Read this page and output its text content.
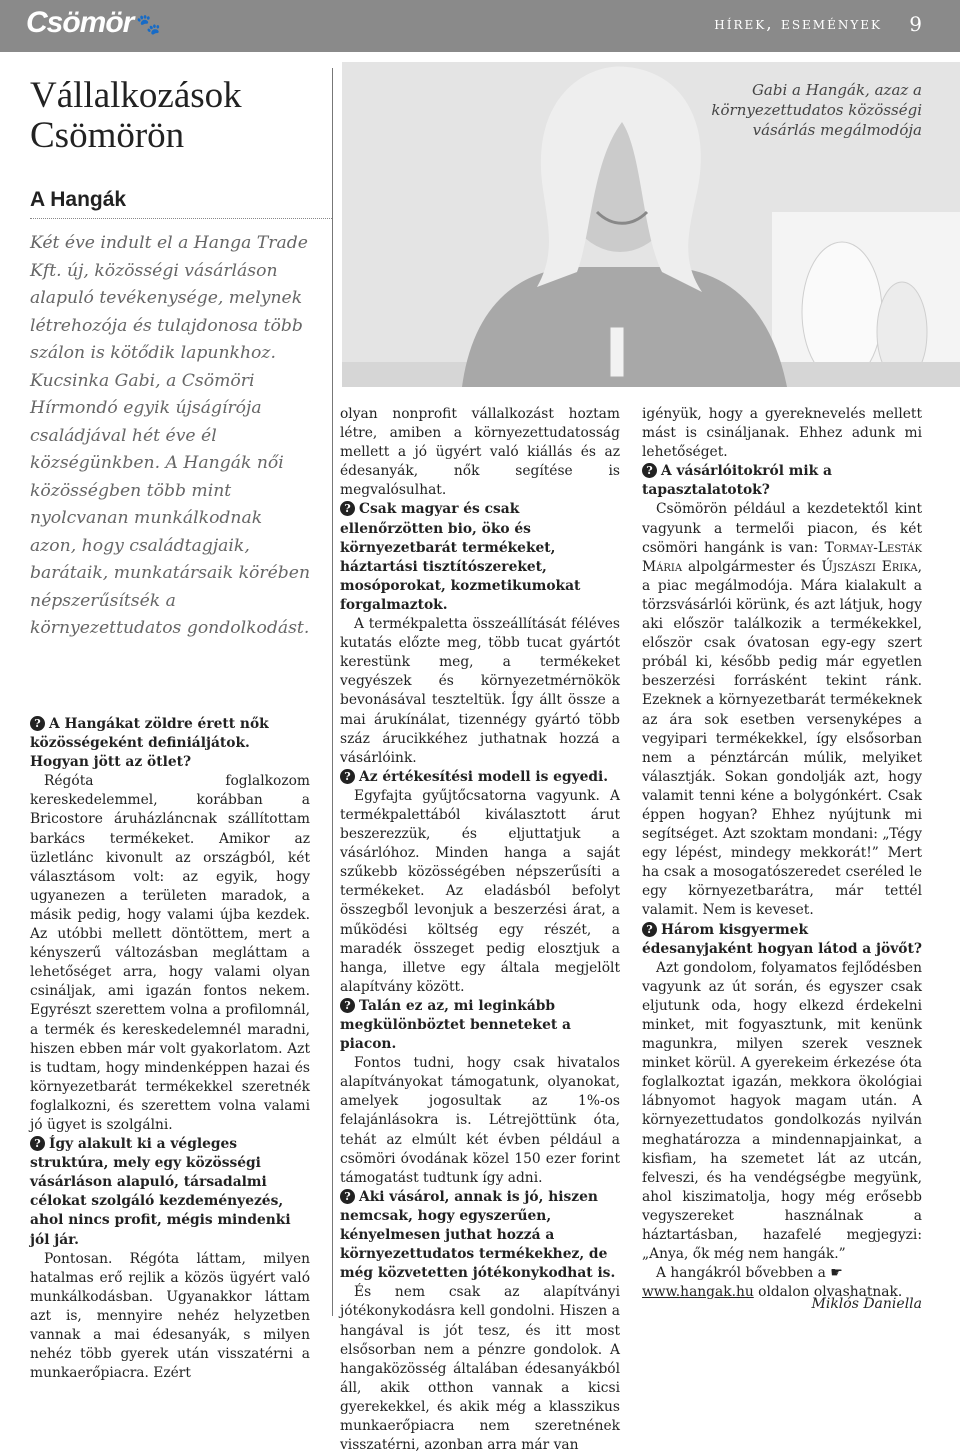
Csömör 🐾	hírek, események 9
Vállalkozások Csömörön
A Hangák
Két éve indult el a Hanga Trade Kft. új, közösségi vásárláson alapuló tevékenysége, melynek létrehozója és tulajdonosa több szálon is kötődik lapunkhoz. Kucsinka Gabi, a Csömöri Hírmondó egyik újságírója családjával hét éve él községünkben. A Hangák női közösségben több mint nyolcvanan munkálkodnak azon, hogy családtagjaik, barátaik, munkatársaik körében népszerűsítsék a környezettudatos gondolkodást.

? A Hangákat zöldre érett nők közösségeként definiáljátok. Hogyan jött az ötlet?

Régóta foglalkozom kereskedelemmel, korábban a Bricostore áruházláncnak szállítottam barkács termékeket. Amikor az üzletlánc kivonult az országból, két választásom volt: az egyik, hogy ugyanezen a területen maradok, a másik pedig, hogy valami újba kezdek. Az utóbbi mellett döntöttem, mert a kényszerű változásban megláttam a lehetőséget arra, hogy valami olyan csináljak, ami igazán fontos nekem. Egyrészt szerettem volna a profilomnál, a termék és kereskedelemnél maradni, hiszen ebben már volt gyakorlatom. Azt is tudtam, hogy mindenképpen hazai és környezetbarát termékekkel szeretnék foglalkozni, és szerettem volna valami jó ügyet is szolgálni.

? Így alakult ki a végleges struktúra, mely egy közösségi vásárláson alapuló, társadalmi célokat szolgáló kezdeményezés, ahol nincs profit, mégis mindenki jól jár.

Pontosan. Régóta láttam, milyen hatalmas erő rejlik a közös ügyért való munkálkodásban. Ugyanakkor láttam azt is, mennyire nehéz helyzetben vannak a mai édesanyák, s milyen nehéz több gyerek után visszatérni a munkaerőpiacra. Ezért

Gabi a Hangák, azaz a környezettudatos közösségi vásárlás megálmodója

olyan nonprofit vállalkozást hoztam létre, amiben a környezettudatosság mellett a jó ügyért való kiállás és az édesanyák, nők segítése is megvalósulhat.

? Csak magyar és csak ellenőrzötten bio, öko és környezetbarát termékeket, háztartási tisztítószereket, mosóporokat, kozmetikumokat forgalmaztok.

A termékpaletta összeállítását féléves kutatás előzte meg, több tucat gyártót kerestünk meg, a termékeket vegyészek és környezetmérnökök bevonásával teszteltük. Így állt össze a mai árukínálat, tizennégy gyártó több száz árucikkéhez juthatnak hozzá a vásárlóink.

? Az értékesítési modell is egyedi.

Egyfajta gyűjtőcsatorna vagyunk. A termékpalettából kiválasztott árut beszerezzük, és eljuttatjuk a vásárlóhoz. Minden hanga a saját szűkebb közösségében népszerűsíti a termékeket. Az eladásból befolyt összegből levonjuk a beszerzési árat, a működési költség egy részét, a maradék összeget pedig elosztjuk a hanga, illetve egy általa megjelölt alapítvány között.

? Talán ez az, mi leginkább megkülönböztet benneteket a piacon.

Fontos tudni, hogy csak hivatalos alapítványokat támogatunk, olyanokat, amelyek jogosultak az 1%-os felajánlásokra is. Létrejöttünk óta, tehát az elmúlt két évben például a csömöri óvodának közel 150 ezer forint támogatást tudtunk így adni.

? Aki vásárol, annak is jó, hiszen nemcsak, hogy egyszerűen, kényelmesen juthat hozzá a környezettudatos termékekhez, de még közvetetten jótékonykodhat is.

És nem csak az alapítványi jótékonykodásra kell gondolni. Hiszen a hangával is jót tesz, és itt most elsősorban nem a pénzre gondolok. A hangaközösség általában édesanyákból áll, akik otthon vannak a kicsi gyerekekkel, és akik még a klasszikus munkaerőpiacra nem szeretnének visszatérni, azonban arra már van

igényük, hogy a gyereknevelés mellett mást is csináljanak. Ehhez adunk mi lehetőséget.

? A vásárlóitokról mik a tapasztalatotok?

Csömörön például a kezdetektől kint vagyunk a termelői piacon, és két csömöri hangánk is van: Tormay-Lesták Mária alpolgármester és Újszászi Erika, a piac megálmodója. Mára kialakult a törzsvásárlói körünk, és azt látjuk, hogy aki először találkozik a termékekkel, először csak óvatosan egy-egy szert próbál ki, később pedig már egyetlen beszerzési forrásként tekint ránk. Ezeknek a környezetbarát termékeknek az ára sok esetben versenyképes a vegyipari termékekkel, így elsősorban nem a pénztárcán múlik, melyiket választják. Sokan gondolják azt, hogy valamit tenni kéne a bolygónkért. Csak éppen hogyan? Ehhez nyújtunk mi segítséget. Azt szoktam mondani: „Tégy egy lépést, mindegy mekkorát!” Mert ha csak a mosogatószeredet cseréled le egy környezetbarátra, már tettél valamit. Nem is keveset.

? Három kisgyermek édesanyjaként hogyan látod a jövőt?

Azt gondolom, folyamatos fejlődésben vagyunk az út során, és egyszer csak eljutunk oda, hogy elkezd érdekelni minket, mit fogyasztunk, mit kenünk magunkra, milyen szerek vesznek minket körül. A gyerekeim érkezése óta foglalkoztat igazán, mekkora ökológiai lábnyomot hagyok magam után. A környezettudatos gondolkozás nyilván meghatározza a mindennapjainkat, a kisfiam, ha szemetet lát az utcán, felveszi, és ha vendégségbe megyünk, ahol kiszimatolja, hogy még erősebb vegyszereket használnak a háztartásban, hazafelé megjegyzi: „Anya, ők még nem hangák.”

A hangákról bővebben a ☛
www.hangak.hu oldalon olvashatnak.

Miklós Daniella
